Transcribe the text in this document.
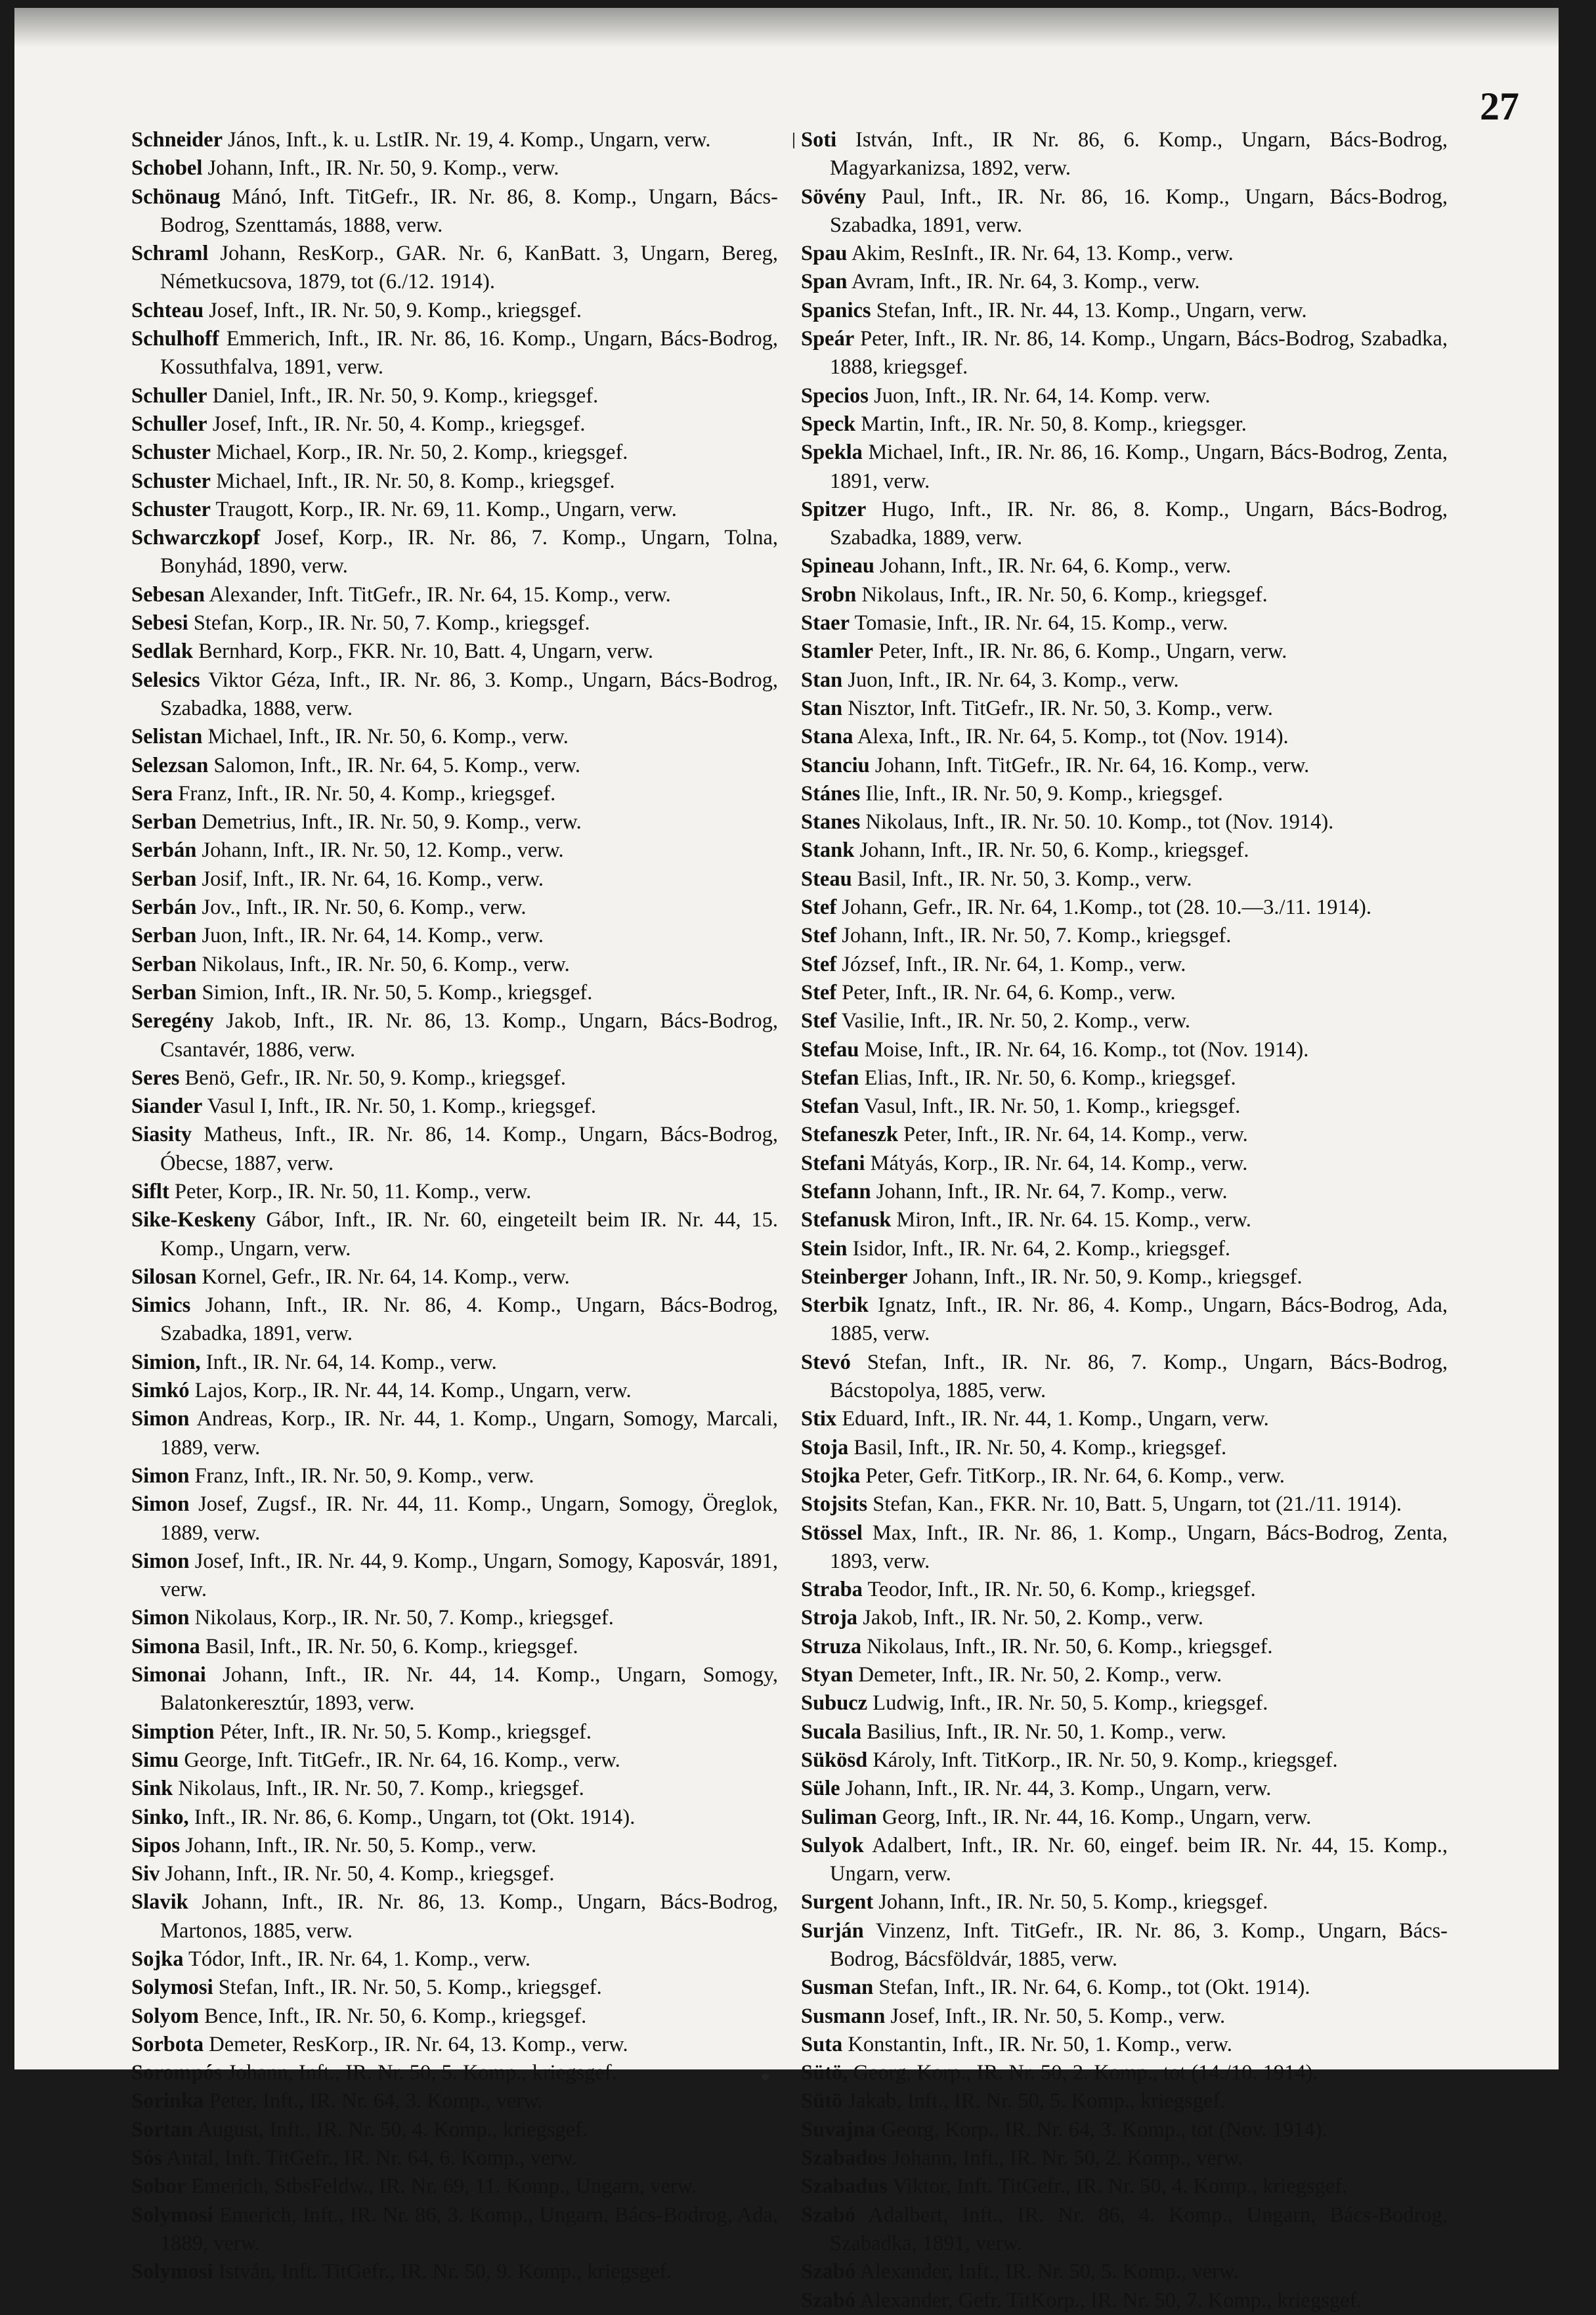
27
Schneider János, Inft., k. u. LstIR. Nr. 19, 4. Komp., Ungarn, verw.
Schobel Johann, Inft., IR. Nr. 50, 9. Komp., verw.
Schönaug Mánó, Inft. TitGefr., IR. Nr. 86, 8. Komp., Ungarn, Bács-Bodrog, Szenttamás, 1888, verw.
Schraml Johann, ResKorp., GAR. Nr. 6, KanBatt. 3, Ungarn, Bereg, Németkucsova, 1879, tot (6./12. 1914).
Schteau Josef, Inft., IR. Nr. 50, 9. Komp., kriegsgef.
Schulhoff Emmerich, Inft., IR. Nr. 86, 16. Komp., Ungarn, Bács-Bodrog, Kossuthfalva, 1891, verw.
Schuller Daniel, Inft., IR. Nr. 50, 9. Komp., kriegsgef.
Schuller Josef, Inft., IR. Nr. 50, 4. Komp., kriegsgef.
Schuster Michael, Korp., IR. Nr. 50, 2. Komp., kriegsgef.
Schuster Michael, Inft., IR. Nr. 50, 8. Komp., kriegsgef.
Schuster Traugott, Korp., IR. Nr. 69, 11. Komp., Ungarn, verw.
Schwarczkopf Josef, Korp., IR. Nr. 86, 7. Komp., Ungarn, Tolna, Bonyhád, 1890, verw.
Sebesan Alexander, Inft. TitGefr., IR. Nr. 64, 15. Komp., verw.
Sebesi Stefan, Korp., IR. Nr. 50, 7. Komp., kriegsgef.
Sedlak Bernhard, Korp., FKR. Nr. 10, Batt. 4, Ungarn, verw.
Selesics Viktor Géza, Inft., IR. Nr. 86, 3. Komp., Ungarn, Bács-Bodrog, Szabadka, 1888, verw.
Selistan Michael, Inft., IR. Nr. 50, 6. Komp., verw.
Selezsan Salomon, Inft., IR. Nr. 64, 5. Komp., verw.
Sera Franz, Inft., IR. Nr. 50, 4. Komp., kriegsgef.
Serban Demetrius, Inft., IR. Nr. 50, 9. Komp., verw.
Serbán Johann, Inft., IR. Nr. 50, 12. Komp., verw.
Serban Josif, Inft., IR. Nr. 64, 16. Komp., verw.
Serbán Jov., Inft., IR. Nr. 50, 6. Komp., verw.
Serban Juon, Inft., IR. Nr. 64, 14. Komp., verw.
Serban Nikolaus, Inft., IR. Nr. 50, 6. Komp., verw.
Serban Simion, Inft., IR. Nr. 50, 5. Komp., kriegsgef.
Seregény Jakob, Inft., IR. Nr. 86, 13. Komp., Ungarn, Bács-Bodrog, Csantavér, 1886, verw.
Seres Benö, Gefr., IR. Nr. 50, 9. Komp., kriegsgef.
Siander Vasul I, Inft., IR. Nr. 50, 1. Komp., kriegsgef.
Siasity Matheus, Inft., IR. Nr. 86, 14. Komp., Ungarn, Bács-Bodrog, Óbecse, 1887, verw.
Siflt Peter, Korp., IR. Nr. 50, 11. Komp., verw.
Sike-Keskeny Gábor, Inft., IR. Nr. 60, eingeteilt beim IR. Nr. 44, 15. Komp., Ungarn, verw.
Silosan Kornel, Gefr., IR. Nr. 64, 14. Komp., verw.
Simics Johann, Inft., IR. Nr. 86, 4. Komp., Ungarn, Bács-Bodrog, Szabadka, 1891, verw.
Simion, Inft., IR. Nr. 64, 14. Komp., verw.
Simkó Lajos, Korp., IR. Nr. 44, 14. Komp., Ungarn, verw.
Simon Andreas, Korp., IR. Nr. 44, 1. Komp., Ungarn, Somogy, Marcali, 1889, verw.
Simon Franz, Inft., IR. Nr. 50, 9. Komp., verw.
Simon Josef, Zugsf., IR. Nr. 44, 11. Komp., Ungarn, Somogy, Öreglok, 1889, verw.
Simon Josef, Inft., IR. Nr. 44, 9. Komp., Ungarn, Somogy, Kaposvár, 1891, verw.
Simon Nikolaus, Korp., IR. Nr. 50, 7. Komp., kriegsgef.
Simona Basil, Inft., IR. Nr. 50, 6. Komp., kriegsgef.
Simonai Johann, Inft., IR. Nr. 44, 14. Komp., Ungarn, Somogy, Balatonkeresztúr, 1893, verw.
Simption Péter, Inft., IR. Nr. 50, 5. Komp., kriegsgef.
Simu George, Inft. TitGefr., IR. Nr. 64, 16. Komp., verw.
Sink Nikolaus, Inft., IR. Nr. 50, 7. Komp., kriegsgef.
Sinko, Inft., IR. Nr. 86, 6. Komp., Ungarn, tot (Okt. 1914).
Sipos Johann, Inft., IR. Nr. 50, 5. Komp., verw.
Siv Johann, Inft., IR. Nr. 50, 4. Komp., kriegsgef.
Slavik Johann, Inft., IR. Nr. 86, 13. Komp., Ungarn, Bács-Bodrog, Martonos, 1885, verw.
Sojka Tódor, Inft., IR. Nr. 64, 1. Komp., verw.
Solymosi Stefan, Inft., IR. Nr. 50, 5. Komp., kriegsgef.
Solyom Bence, Inft., IR. Nr. 50, 6. Komp., kriegsgef.
Sorbota Demeter, ResKorp., IR. Nr. 64, 13. Komp., verw.
Sorompós Johann, Inft., IR. Nr. 50, 5. Komp., kriegsgef.
Sorinka Peter, Inft., IR. Nr. 64, 3. Komp., verw.
Sortan August, Inft., IR. Nr. 50, 4. Komp., kriegsgef.
Sós Antal, Inft. TitGefr., IR. Nr. 64, 6. Komp., verw.
Sobor Emerich, StbsFeldw., IR. Nr. 69, 11. Komp., Ungarn, verw.
Solymosi Emerich, Inft., IR. Nr. 86, 3. Komp., Ungarn, Bács-Bodrog, Ada, 1889, verw.
Solymosi István, Inft. TitGefr., IR. Nr. 50, 9. Komp., kriegsgef.
Soti István, Inft., IR Nr. 86, 6. Komp., Ungarn, Bács-Bodrog, Magyarkanizsa, 1892, verw.
Sövény Paul, Inft., IR. Nr. 86, 16. Komp., Ungarn, Bács-Bodrog, Szabadka, 1891, verw.
Spau Akim, ResInft., IR. Nr. 64, 13. Komp., verw.
Span Avram, Inft., IR. Nr. 64, 3. Komp., verw.
Spanics Stefan, Inft., IR. Nr. 44, 13. Komp., Ungarn, verw.
Speár Peter, Inft., IR. Nr. 86, 14. Komp., Ungarn, Bács-Bodrog, Szabadka, 1888, kriegsgef.
Specios Juon, Inft., IR. Nr. 64, 14. Komp. verw.
Speck Martin, Inft., IR. Nr. 50, 8. Komp., kriegsger.
Spekla Michael, Inft., IR. Nr. 86, 16. Komp., Ungarn, Bács-Bodrog, Zenta, 1891, verw.
Spitzer Hugo, Inft., IR. Nr. 86, 8. Komp., Ungarn, Bács-Bodrog, Szabadka, 1889, verw.
Spineau Johann, Inft., IR. Nr. 64, 6. Komp., verw.
Srobn Nikolaus, Inft., IR. Nr. 50, 6. Komp., kriegsgef.
Staer Tomasie, Inft., IR. Nr. 64, 15. Komp., verw.
Stamler Peter, Inft., IR. Nr. 86, 6. Komp., Ungarn, verw.
Stan Juon, Inft., IR. Nr. 64, 3. Komp., verw.
Stan Nisztor, Inft. TitGefr., IR. Nr. 50, 3. Komp., verw.
Stana Alexa, Inft., IR. Nr. 64, 5. Komp., tot (Nov. 1914).
Stanciu Johann, Inft. TitGefr., IR. Nr. 64, 16. Komp., verw.
Stánes Ilie, Inft., IR. Nr. 50, 9. Komp., kriegsgef.
Stanes Nikolaus, Inft., IR. Nr. 50. 10. Komp., tot (Nov. 1914).
Stank Johann, Inft., IR. Nr. 50, 6. Komp., kriegsgef.
Steau Basil, Inft., IR. Nr. 50, 3. Komp., verw.
Stef Johann, Gefr., IR. Nr. 64, 1.Komp., tot (28. 10.—3./11. 1914).
Stef Johann, Inft., IR. Nr. 50, 7. Komp., kriegsgef.
Stef József, Inft., IR. Nr. 64, 1. Komp., verw.
Stef Peter, Inft., IR. Nr. 64, 6. Komp., verw.
Stef Vasilie, Inft., IR. Nr. 50, 2. Komp., verw.
Stefau Moise, Inft., IR. Nr. 64, 16. Komp., tot (Nov. 1914).
Stefan Elias, Inft., IR. Nr. 50, 6. Komp., kriegsgef.
Stefan Vasul, Inft., IR. Nr. 50, 1. Komp., kriegsgef.
Stefaneszk Peter, Inft., IR. Nr. 64, 14. Komp., verw.
Stefani Mátyás, Korp., IR. Nr. 64, 14. Komp., verw.
Stefann Johann, Inft., IR. Nr. 64, 7. Komp., verw.
Stefanusk Miron, Inft., IR. Nr. 64. 15. Komp., verw.
Stein Isidor, Inft., IR. Nr. 64, 2. Komp., kriegsgef.
Steinberger Johann, Inft., IR. Nr. 50, 9. Komp., kriegsgef.
Sterbik Ignatz, Inft., IR. Nr. 86, 4. Komp., Ungarn, Bács-Bodrog, Ada, 1885, verw.
Stevó Stefan, Inft., IR. Nr. 86, 7. Komp., Ungarn, Bács-Bodrog, Bácstopolya, 1885, verw.
Stix Eduard, Inft., IR. Nr. 44, 1. Komp., Ungarn, verw.
Stoja Basil, Inft., IR. Nr. 50, 4. Komp., kriegsgef.
Stojka Peter, Gefr. TitKorp., IR. Nr. 64, 6. Komp., verw.
Stojsits Stefan, Kan., FKR. Nr. 10, Batt. 5, Ungarn, tot (21./11. 1914).
Stössel Max, Inft., IR. Nr. 86, 1. Komp., Ungarn, Bács-Bodrog, Zenta, 1893, verw.
Straba Teodor, Inft., IR. Nr. 50, 6. Komp., kriegsgef.
Stroja Jakob, Inft., IR. Nr. 50, 2. Komp., verw.
Struza Nikolaus, Inft., IR. Nr. 50, 6. Komp., kriegsgef.
Styan Demeter, Inft., IR. Nr. 50, 2. Komp., verw.
Subucz Ludwig, Inft., IR. Nr. 50, 5. Komp., kriegsgef.
Sucala Basilius, Inft., IR. Nr. 50, 1. Komp., verw.
Sükösd Károly, Inft. TitKorp., IR. Nr. 50, 9. Komp., kriegsgef.
Süle Johann, Inft., IR. Nr. 44, 3. Komp., Ungarn, verw.
Suliman Georg, Inft., IR. Nr. 44, 16. Komp., Ungarn, verw.
Sulyok Adalbert, Inft., IR. Nr. 60, eingef. beim IR. Nr. 44, 15. Komp., Ungarn, verw.
Surgent Johann, Inft., IR. Nr. 50, 5. Komp., kriegsgef.
Surján Vinzenz, Inft. TitGefr., IR. Nr. 86, 3. Komp., Ungarn, Bács-Bodrog, Bácsföldvár, 1885, verw.
Susman Stefan, Inft., IR. Nr. 64, 6. Komp., tot (Okt. 1914).
Susmann Josef, Inft., IR. Nr. 50, 5. Komp., verw.
Suta Konstantin, Inft., IR. Nr. 50, 1. Komp., verw.
Sütö, Georg, Korp., IR. Nr. 50, 2. Komp., tot (14./10. 1914).
Sütö Jakab, Inft., IR. Nr. 50, 5. Komp., kriegsgef.
Suvajna Georg, Korp., IR. Nr. 64, 3. Komp., tot (Nov. 1914).
Szabados Johann, Inft., IR. Nr. 50, 2. Komp., verw.
Szabadus Viktor, Inft. TitGefr., IR. Nr. 50, 4. Komp., kriegsgef.
Szabó Adalbert, Inft., IR. Nr. 86, 4. Komp., Ungarn, Bács-Bodrog, Szabadka, 1891, verw.
Szabó Alexander, Inft., IR. Nr. 50, 5. Komp., verw.
Szabó Alexander, Gefr. TitKorp., IR. Nr. 50, 7. Komp., kriegsgef.
•
